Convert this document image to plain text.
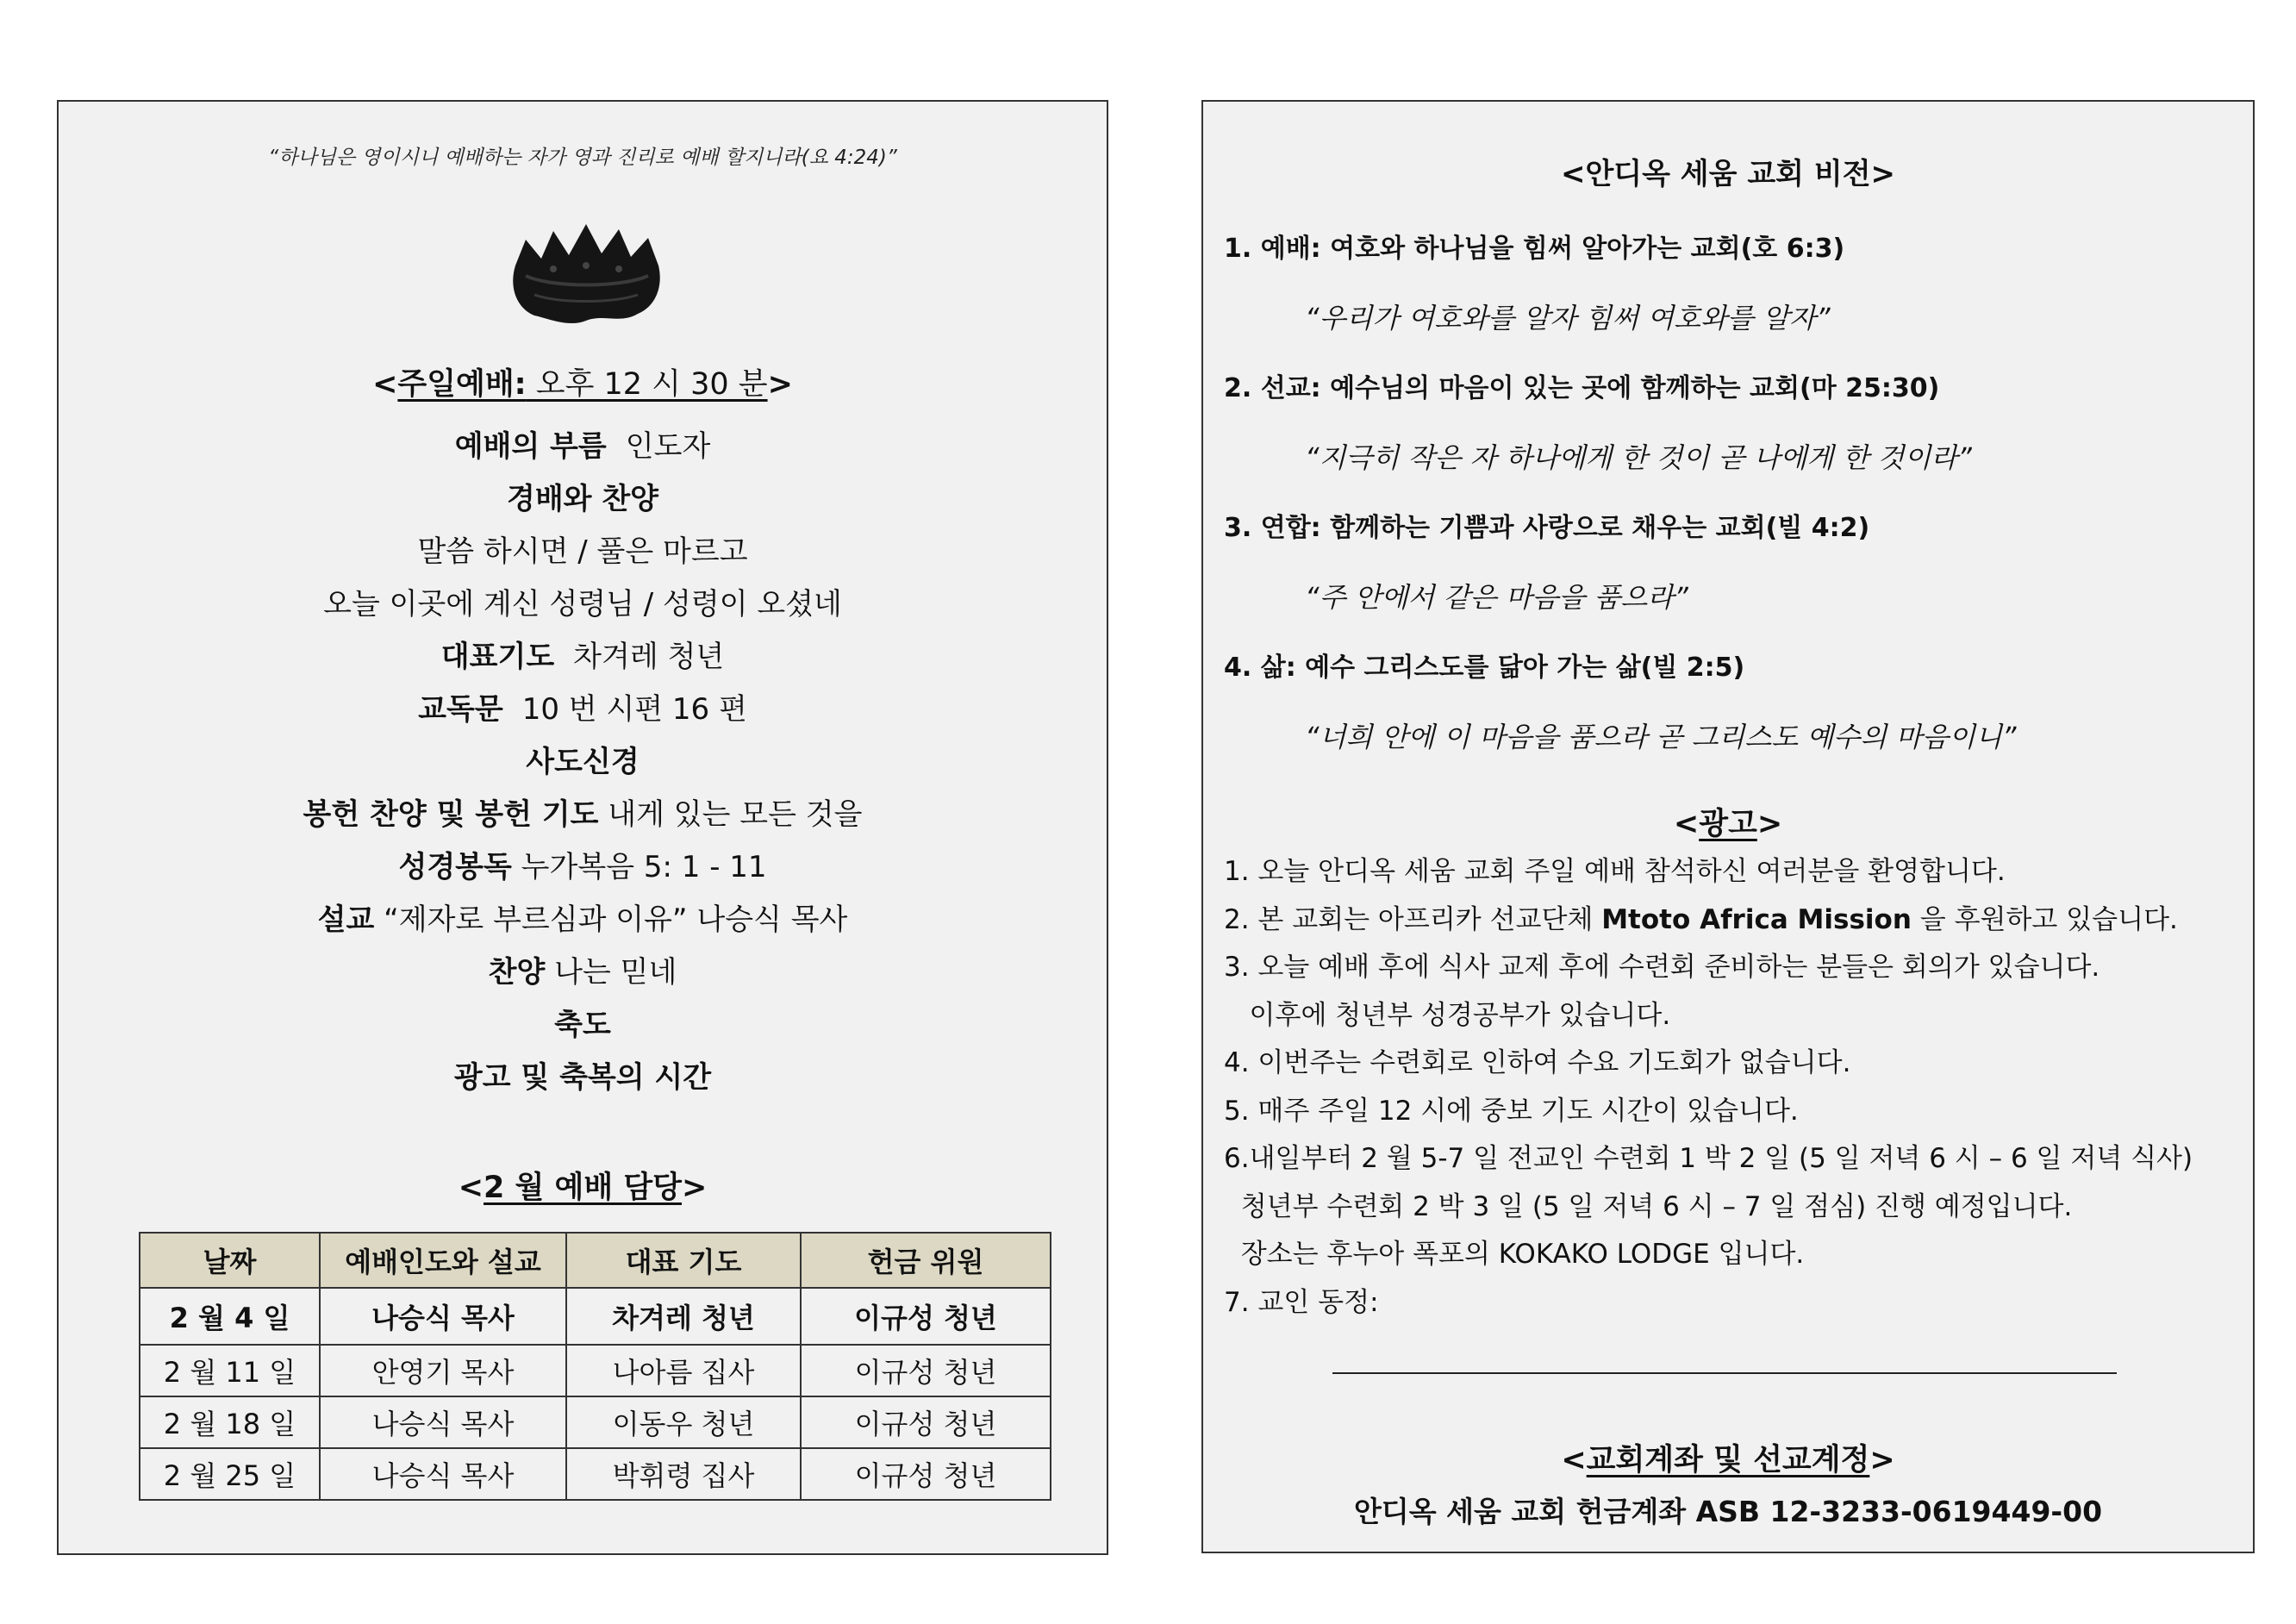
“하나님은 영이시니 예배하는 자가 영과 진리로 예배 할지니라(요 4:24)”
<주일예배: 오후 12 시 30 분>
예배의 부름 인도자
경배와 찬양
말씀 하시면 / 풀은 마르고
오늘 이곳에 계신 성령님 / 성령이 오셨네
대표기도 차겨레 청년
교독문 10 번 시편 16 편
사도신경
봉헌 찬양 및 봉헌 기도 내게 있는 모든 것을
성경봉독 누가복음 5: 1 - 11
설교 “제자로 부르심과 이유” 나승식 목사
찬양 나는 믿네
축도
광고 및 축복의 시간
<2 월 예배 담당>
날짜	예배인도와 설교	대표 기도	헌금 위원
2 월 4 일	나승식 목사	차겨레 청년	이규성 청년
2 월 11 일	안영기 목사	나아름 집사	이규성 청년
2 월 18 일	나승식 목사	이동우 청년	이규성 청년
2 월 25 일	나승식 목사	박휘령 집사	이규성 청년
<안디옥 세움 교회 비전>
1. 예배: 여호와 하나님을 힘써 알아가는 교회(호 6:3)
“우리가 여호와를 알자 힘써 여호와를 알자”
2. 선교: 예수님의 마음이 있는 곳에 함께하는 교회(마 25:30)
“지극히 작은 자 하나에게 한 것이 곧 나에게 한 것이라”
3. 연합: 함께하는 기쁨과 사랑으로 채우는 교회(빌 4:2)
“주 안에서 같은 마음을 품으라”
4. 삶: 예수 그리스도를 닮아 가는 삶(빌 2:5)
“너희 안에 이 마음을 품으라 곧 그리스도 예수의 마음이니”
<광고>
1. 오늘 안디옥 세움 교회 주일 예배 참석하신 여러분을 환영합니다.
2. 본 교회는 아프리카 선교단체 Mtoto Africa Mission 을 후원하고 있습니다.
3. 오늘 예배 후에 식사 교제 후에 수련회 준비하는 분들은 회의가 있습니다.
이후에 청년부 성경공부가 있습니다.
4. 이번주는 수련회로 인하여 수요 기도회가 없습니다.
5. 매주 주일 12 시에 중보 기도 시간이 있습니다.
6.내일부터 2 월 5-7 일 전교인 수련회 1 박 2 일 (5 일 저녁 6 시 – 6 일 저녁 식사)
청년부 수련회 2 박 3 일 (5 일 저녁 6 시 – 7 일 점심) 진행 예정입니다.
장소는 후누아 폭포의 KOKAKO LODGE 입니다.
7. 교인 동정:
<교회계좌 및 선교계정>
안디옥 세움 교회 헌금계좌 ASB 12-3233-0619449-00
